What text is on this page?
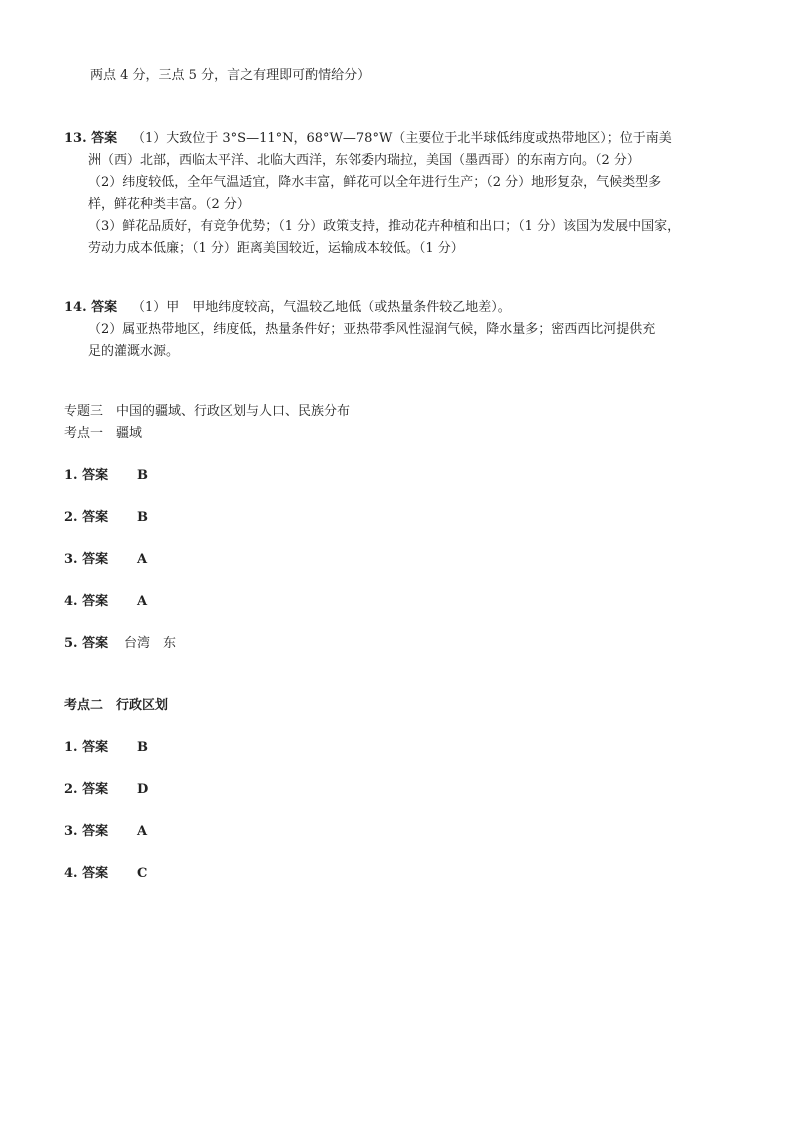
两点 4 分，三点 5 分，言之有理即可酌情给分）
13. 答案 （1）大致位于 3°S—11°N，68°W—78°W（主要位于北半球低纬度或热带地区）；位于南美
洲（西）北部，西临太平洋、北临大西洋，东邻委内瑞拉，美国（墨西哥）的东南方向。（2 分）
（2）纬度较低，全年气温适宜，降水丰富，鲜花可以全年进行生产；（2 分）地形复杂，气候类型多
样，鲜花种类丰富。（2 分）
（3）鲜花品质好，有竞争优势；（1 分）政策支持，推动花卉种植和出口；（1 分）该国为发展中国家，
劳动力成本低廉；（1 分）距离美国较近，运输成本较低。（1 分）
14. 答案 （1）甲　甲地纬度较高，气温较乙地低（或热量条件较乙地差）。
（2）属亚热带地区，纬度低，热量条件好；亚热带季风性湿润气候，降水量多；密西西比河提供充
足的灌溉水源。
专题三　中国的疆域、行政区划与人口、民族分布
考点一　疆域
1. 答案 B
2. 答案 B
3. 答案 A
4. 答案 A
5. 答案 台湾　东
考点二　行政区划
1. 答案 B
2. 答案 D
3. 答案 A
4. 答案 C
